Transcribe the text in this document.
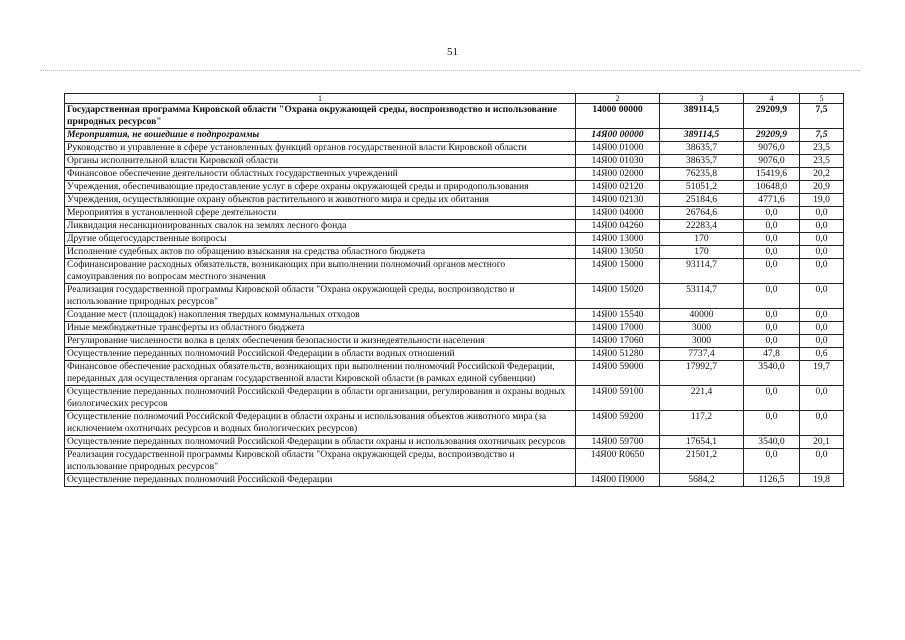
51
1	2	3	4	5
Государственная программа Кировской области "Охрана окружающей среды, воспроизводство и использование природных ресурсов"	14000 00000	389114,5	29209,9	7,5
Мероприятия, не вошедшие в подпрограммы	14Я00 00000	389114,5	29209,9	7,5
Руководство и управление в сфере установленных функций органов государственной власти Кировской области	14Я00 01000	38635,7	9076,0	23,5
Органы исполнительной власти Кировской области	14Я00 01030	38635,7	9076,0	23,5
Финансовое обеспечение деятельности областных государственных учреждений	14Я00 02000	76235,8	15419,6	20,2
Учреждения, обеспечивающие предоставление услуг в сфере охраны окружающей среды и природопользования	14Я00 02120	51051,2	10648,0	20,9
Учреждения, осуществляющие охрану объектов растительного и животного мира и среды их обитания	14Я00 02130	25184,6	4771,6	19,0
Мероприятия в установленной сфере деятельности	14Я00 04000	26764,6	0,0	0,0
Ликвидация несанкционированных свалок на землях лесного фонда	14Я00 04260	22283,4	0,0	0,0
Другие общегосударственные вопросы	14Я00 13000	170	0,0	0,0
Исполнение судебных актов по обращению взыскания на средства областного бюджета	14Я00 13050	170	0,0	0,0
Софинансирование расходных обязательств, возникающих при выполнении полномочий органов местного самоуправления по вопросам местного значения	14Я00 15000	93114,7	0,0	0,0
Реализация государственной программы Кировской области "Охрана окружающей среды, воспроизводство и использование природных ресурсов"	14Я00 15020	53114,7	0,0	0,0
Создание мест (площадок) накопления твердых коммунальных отходов	14Я00 15540	40000	0,0	0,0
Иные межбюджетные трансферты из областного бюджета	14Я00 17000	3000	0,0	0,0
Регулирование численности волка в целях обеспечения безопасности и жизнедеятельности населения	14Я00 17060	3000	0,0	0,0
Осуществление переданных полномочий Российской Федерации в области водных отношений	14Я00 51280	7737,4	47,8	0,6
Финансовое обеспечение расходных обязательств, возникающих при выполнении полномочий Российской Федерации, переданных для осуществления органам государственной власти Кировской области (в рамках единой субвенции)	14Я00 59000	17992,7	3540,0	19,7
Осуществление переданных полномочий Российской Федерации в области организации, регулирования и охраны водных биологических ресурсов	14Я00 59100	221,4	0,0	0,0
Осуществление полномочий Российской Федерации в области охраны и использования объектов животного мира (за исключением охотничьих ресурсов и водных биологических ресурсов)	14Я00 59200	117,2	0,0	0,0
Осуществление переданных полномочий Российской Федерации в области охраны и использования охотничьих ресурсов	14Я00 59700	17654,1	3540,0	20,1
Реализация государственной программы Кировской области "Охрана окружающей среды, воспроизводство и использование природных ресурсов"	14Я00 R0650	21501,2	0,0	0,0
Осуществление переданных полномочий Российской Федерации	14Я00 П9000	5684,2	1126,5	19,8
